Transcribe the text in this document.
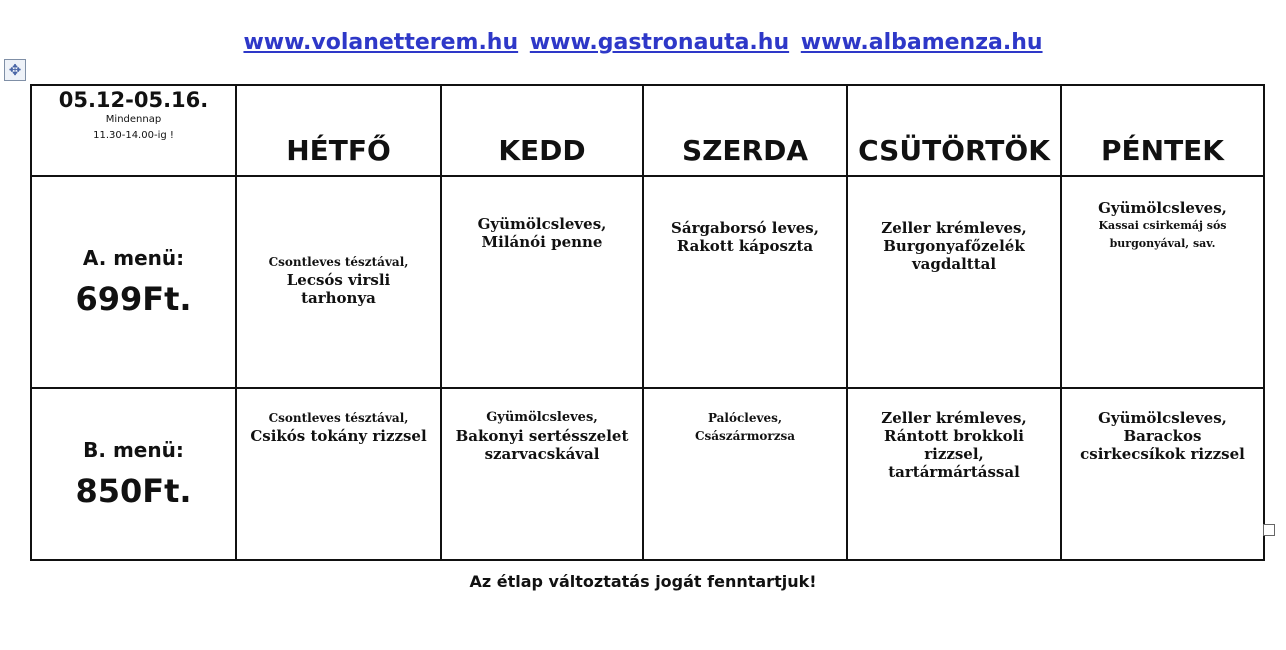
www.volanetterem.hu www.gastronauta.hu www.albamenza.hu
✥
05.12-05.16.
Mindennap
11.30-14.00-ig !	HÉTFŐ	KEDD	SZERDA	CSÜTÖRTÖK	PÉNTEK

A. menü:
699Ft.	Csontleves tésztával,
Lecsós virsli
tarhonya	Gyümölcsleves,
Milánói penne	Sárgaborsó leves,
Rakott káposzta	Zeller krémleves,
Burgonyafőzelék
vagdalttal	Gyümölcsleves,
Kassai csirkemáj sós
burgonyával, sav.

B. menü:
850Ft.	Csontleves tésztával,
Csikós tokány rizzsel	Gyümölcsleves,
Bakonyi sertésszelet
szarvacskával	Palócleves,
Császármorzsa	Zeller krémleves,
Rántott brokkoli
rizzsel,
tartármártással	Gyümölcsleves,
Barackos
csirkecsíkok rizzsel
Az étlap változtatás jogát fenntartjuk!
